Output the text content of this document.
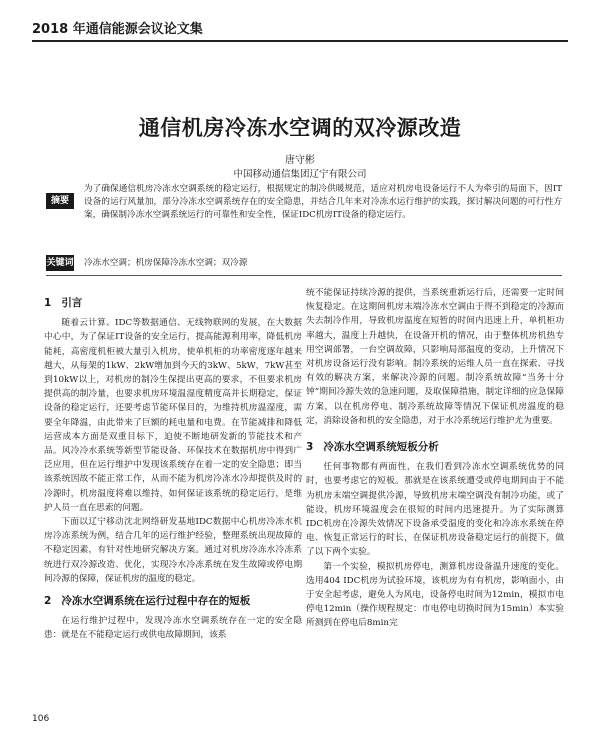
2018 年通信能源会议论文集
通信机房冷冻水空调的双冷源改造
唐守彬
中国移动通信集团辽宁有限公司
摘要
为了确保通信机房冷冻水空调系统的稳定运行，根据规定的制冷供暖规范，适应对机房电设备运行不人为牵引的局面下，因IT设备的运行风量加，部分冷冻水空调系统存在的安全隐患，并结合几年来对冷冻水运行维护的实践，探讨解决问题的可行性方案，确保制冷冻水空调系统运行的可靠性和安全性，保证IDC机房IT设备的稳定运行。
关键词 冷冻水空调；机房保障冷冻水空调；双冷源
1 引言

随着云计算、IDC等数据通信、无线物联网的发展，在大数据中心中，为了保证IT设备的安全运行，提高能源利用率，降低机房能耗，高密度机柜被大量引入机房，使单机柜的功率密度逐年越来越大，从每架的1kW、2kW增加到今天的3kW、5kW，7kW甚至到10kW以上，对机房的制冷生保提出更高的要求，不但要求机房提供高的制冷量，也要求机房环境温湿度精度高并长期稳定，保证设备的稳定运行，还要考虑节能环保目的，为维持机房温湿度，需要全年降温，由此带来了巨额的耗电量和电费。在节能减排和降低运营成本方面是双重目标下，迫使不断地研发新的节能技术和产品。风冷冷水系统等新型节能设备、环保技术在数据机房中得到广泛应用，但在运行维护中发现该系统存在着一定的安全隐患；即当该系统因故不能正常工作，从而不能为机房冷冻水冷却提供及时的冷源时，机房温度将难以维持，如何保证该系统的稳定运行，是维护人员一直在思索的问题。

下面以辽宁移动沈北网络研发基地IDC数据中心机房冷冻水机房冷冻系统为例，结合几年的运行维护经验，整理系统出现故障的不稳定因素，有针对性地研究解决方案。通过对机房冷冻水冷冻系统进行双冷源改造、优化，实现冷水冷冻系统在发生故障或停电期间冷源的保障，保证机房的温度的稳定。

2 冷冻水空调系统在运行过程中存在的短板

在运行维护过程中，发现冷冻水空调系统存在一定的安全隐患：就是在不能稳定运行或供电故障期间，该系

统不能保证持续冷源的提供，当系统重新运行后，还需要一定时间恢复稳定。在这期间机房末端冷冻水空调由于得不到稳定的冷源而失去制冷作用，导致机房温度在短暂的时间内迅速上升，单机柜功率越大，温度上升越快，在设备开机的情况，由于整体机房机热专用空调部署，一台空调故障，只影响局部温度的变动，上升情况下对机房设备运行没有影响。制冷系统的运维人员一直在探索、寻找有效的解决方案，来解决冷源的问题。制冷系统故障“当务十分钟”期间冷源失效的急速问题，及取保障措施，制定详细的应急保障方案，以在机房停电、制冷系统故障等情况下保证机房温度的稳定，消除设备和机的安全隐患，对于水冷系统运行维护尤为重要。

3 冷冻水空调系统短板分析

任何事物都有两面性，在我们看到冷冻水空调系统优势的同时，也要考虑它的短板。那就是在该系统遭受或停电期间由于不能为机房末端空调提供冷源，导致机房末端空调没有制冷功能，或了能设，机房环境温度会在很短的时间内迅速提升。为了实际测算IDC机房在冷源失效情况下设备承受温度的变化和冷冻水系统在停电、恢复正常运行的时长，在保证机房设备稳定运行的前提下，做了以下两个实验。

第一个实验，模拟机房停电，测算机房设备温升速度的变化。选用404 IDC机房为试验环境，该机房为有有机房，影响面小，由于安全起考虑，避免人为风电，设备停电时间为12min，模拟市电停电12min（操作规程规定：市电停电切换时间为15min）本实验所测到在停电后8min完

106
